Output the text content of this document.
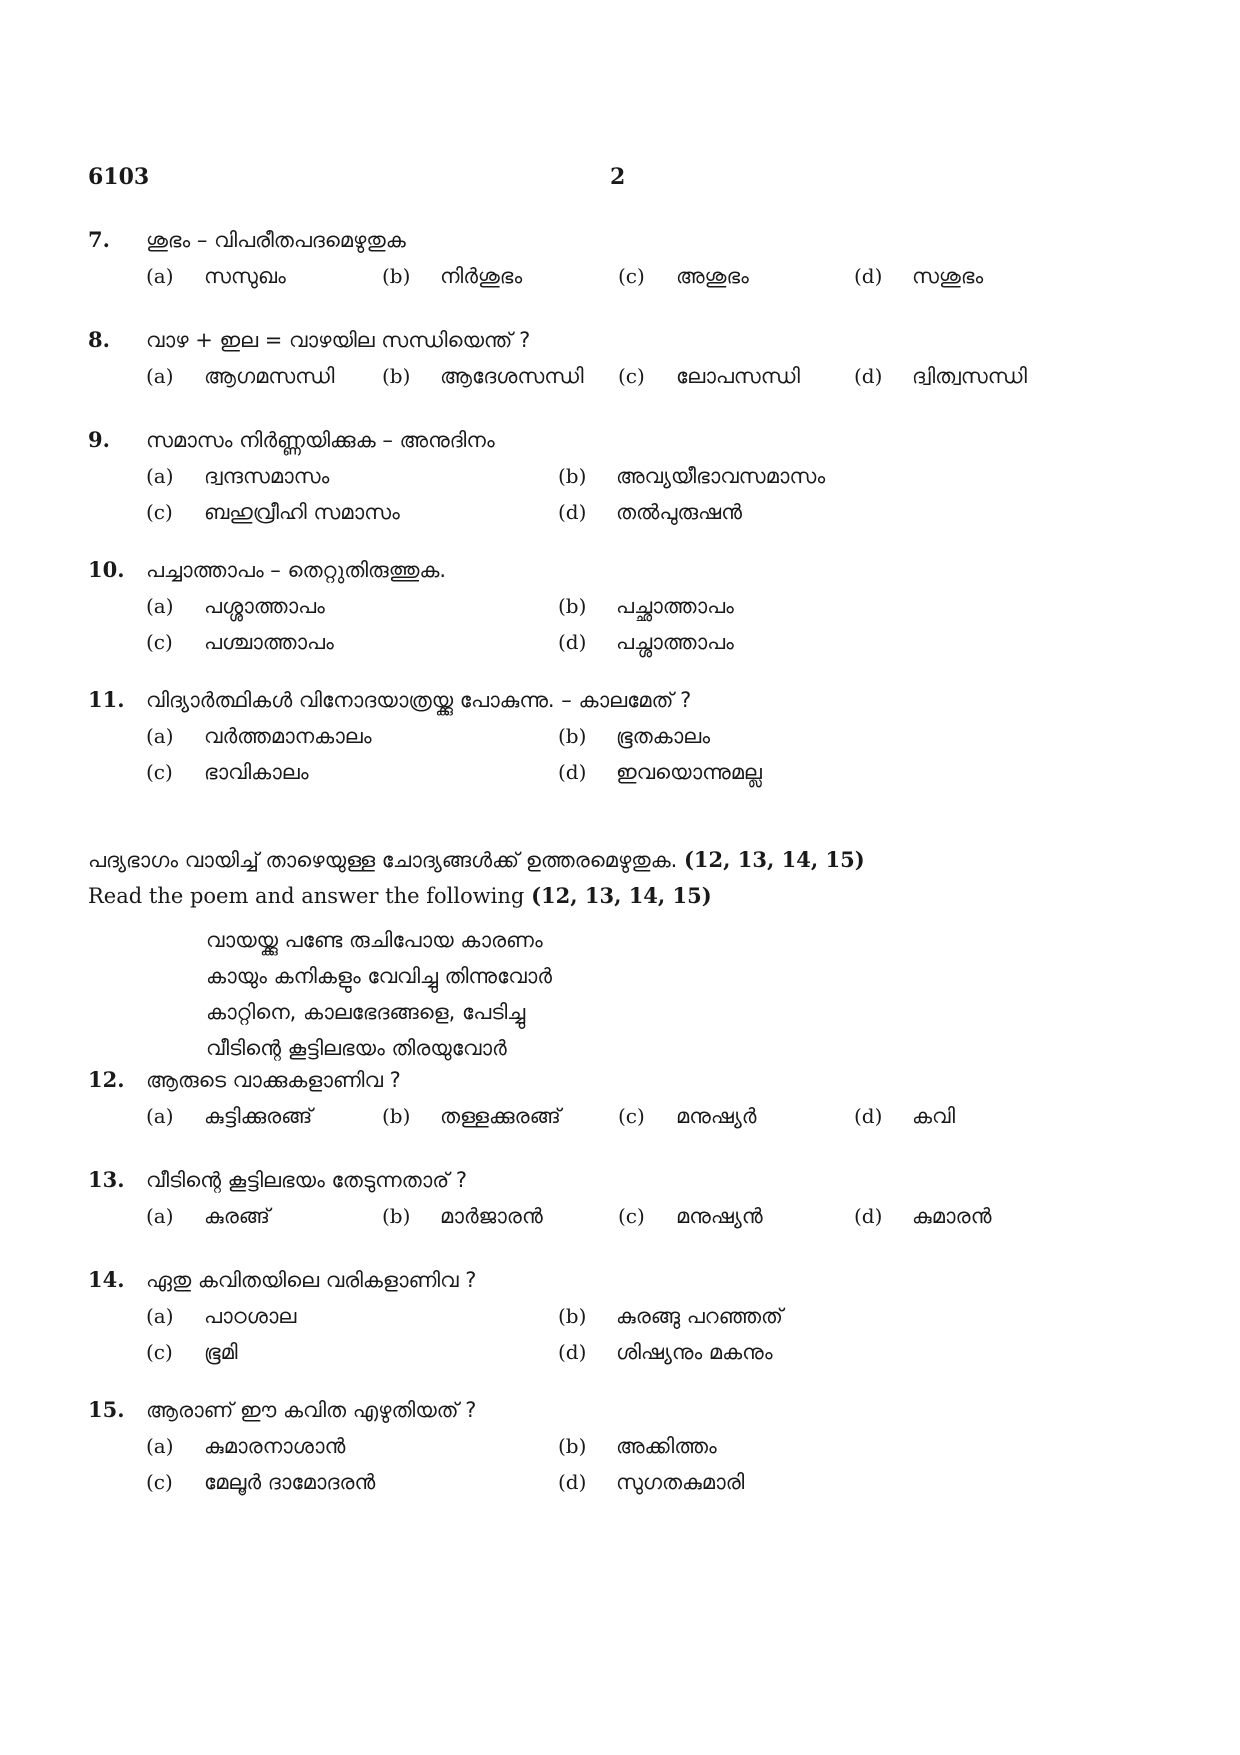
6103	2
7.	ശുഭം – വിപരീതപദമെഴുതുക
(a) സസുഖം	(b) നിർശുഭം	(c) അശുഭം	(d) സശുഭം
8.	വാഴ + ഇല = വാഴയില സന്ധിയെന്ത് ?
(a) ആഗമസന്ധി (b) ആദേശസന്ധി (c) ലോപസന്ധി	(d) ദ്വിത്വസന്ധി
9.	സമാസം നിർണ്ണയിക്കുക – അനുദിനം
(a) ദ്വന്ദസമാസം	(b) അവ്യയീഭാവസമാസം
(c) ബഹുവ്രീഹി സമാസം	(d) തൽപുരുഷൻ
10.	പച്ചാത്താപം – തെറ്റുതിരുത്തുക.
(a) പശ്ശാത്താപം	(b) പച്ഛാത്താപം
(c) പശ്ചാത്താപം	(d) പച്ശാത്താപം
11.	വിദ്യാർത്ഥികൾ വിനോദയാത്രയ്ക്കു പോകുന്നു. – കാലമേത് ?
(a) വർത്തമാനകാലം	(b) ഭൂതകാലം
(c) ഭാവികാലം	(d) ഇവയൊന്നുമല്ല
12.	ആരുടെ വാക്കുകളാണിവ ?
(a) കുട്ടിക്കുരങ്ങ്	(b) തള്ളക്കുരങ്ങ്	(c) മനുഷ്യർ	(d) കവി
13.	വീടിന്റെ കൂട്ടിലഭയം തേടുന്നതാര് ?
(a) കുരങ്ങ്	(b) മാർജാരൻ	(c) മനുഷ്യൻ	(d) കുമാരൻ
14.	ഏതു കവിതയിലെ വരികളാണിവ ?
(a) പാഠശാല	(b) കുരങ്ങു പറഞ്ഞത്
(c) ഭൂമി	(d) ശിഷ്യനും മകനും
15.	ആരാണ് ഈ കവിത എഴുതിയത് ?
(a) കുമാരനാശാൻ	(b) അക്കിത്തം
(c) മേലൂർ ദാമോദരൻ	(d) സുഗതകുമാരി
പദ്യഭാഗം വായിച്ച് താഴെയുള്ള ചോദ്യങ്ങൾക്ക് ഉത്തരമെഴുതുക. (12, 13, 14, 15)
Read the poem and answer the following (12, 13, 14, 15)
വായയ്ക്കു പണ്ടേ രുചിപോയ കാരണം
കായും കനികളും വേവിച്ചു തിന്നുവോർ
കാറ്റിനെ, കാലഭേദങ്ങളെ, പേടിച്ചു
വീടിന്റെ കൂട്ടിലഭയം തിരയുവോർ
